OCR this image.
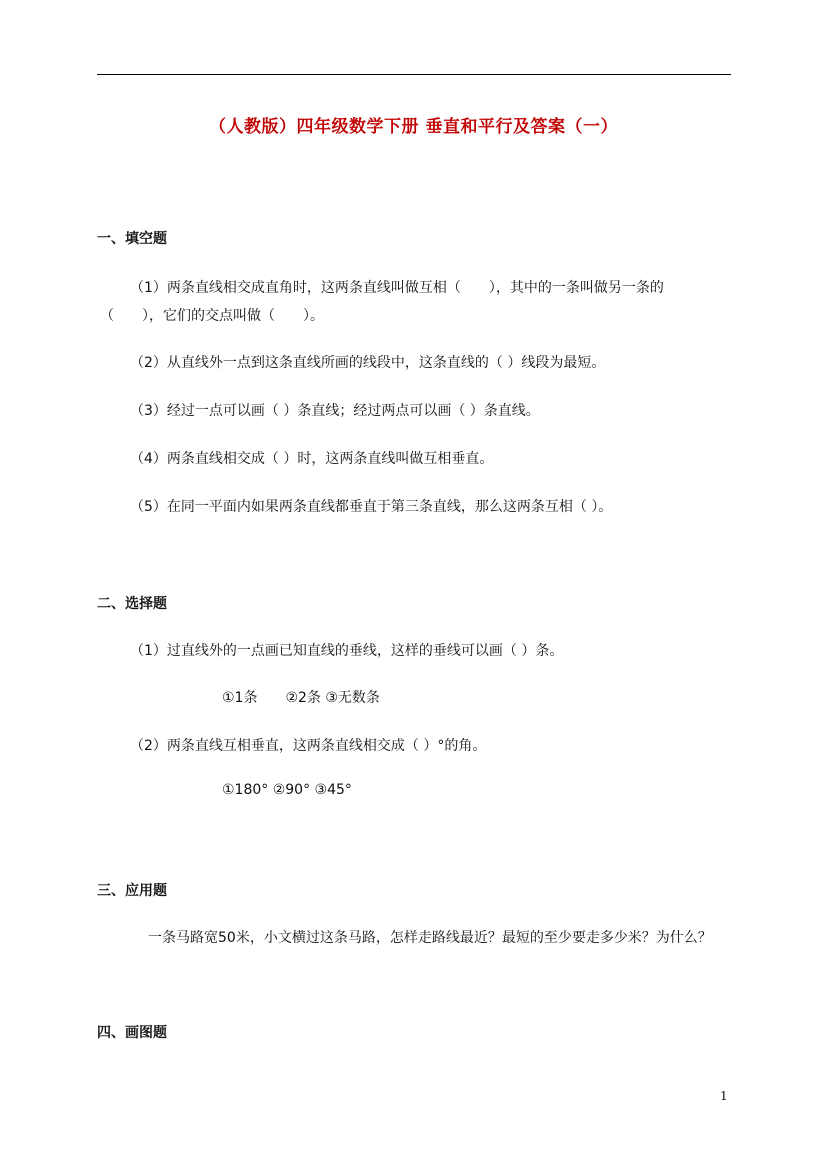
（人教版）四年级数学下册 垂直和平行及答案（一）
一、填空题
（1）两条直线相交成直角时，这两条直线叫做互相（　　），其中的一条叫做另一条的
（　　），它们的交点叫做（　　）。
（2）从直线外一点到这条直线所画的线段中，这条直线的（ ）线段为最短。
（3）经过一点可以画（ ）条直线；经过两点可以画（ ）条直线。
（4）两条直线相交成（ ）时，这两条直线叫做互相垂直。
（5）在同一平面内如果两条直线都垂直于第三条直线，那么这两条互相（ ）。
二、选择题
（1）过直线外的一点画已知直线的垂线，这样的垂线可以画（ ）条。
①1条　　②2条 ③无数条
（2）两条直线互相垂直，这两条直线相交成（ ）°的角。
①180° ②90° ③45°
三、应用题
一条马路宽50米，小文横过这条马路，怎样走路线最近？最短的至少要走多少米？为什么？
四、画图题
1
